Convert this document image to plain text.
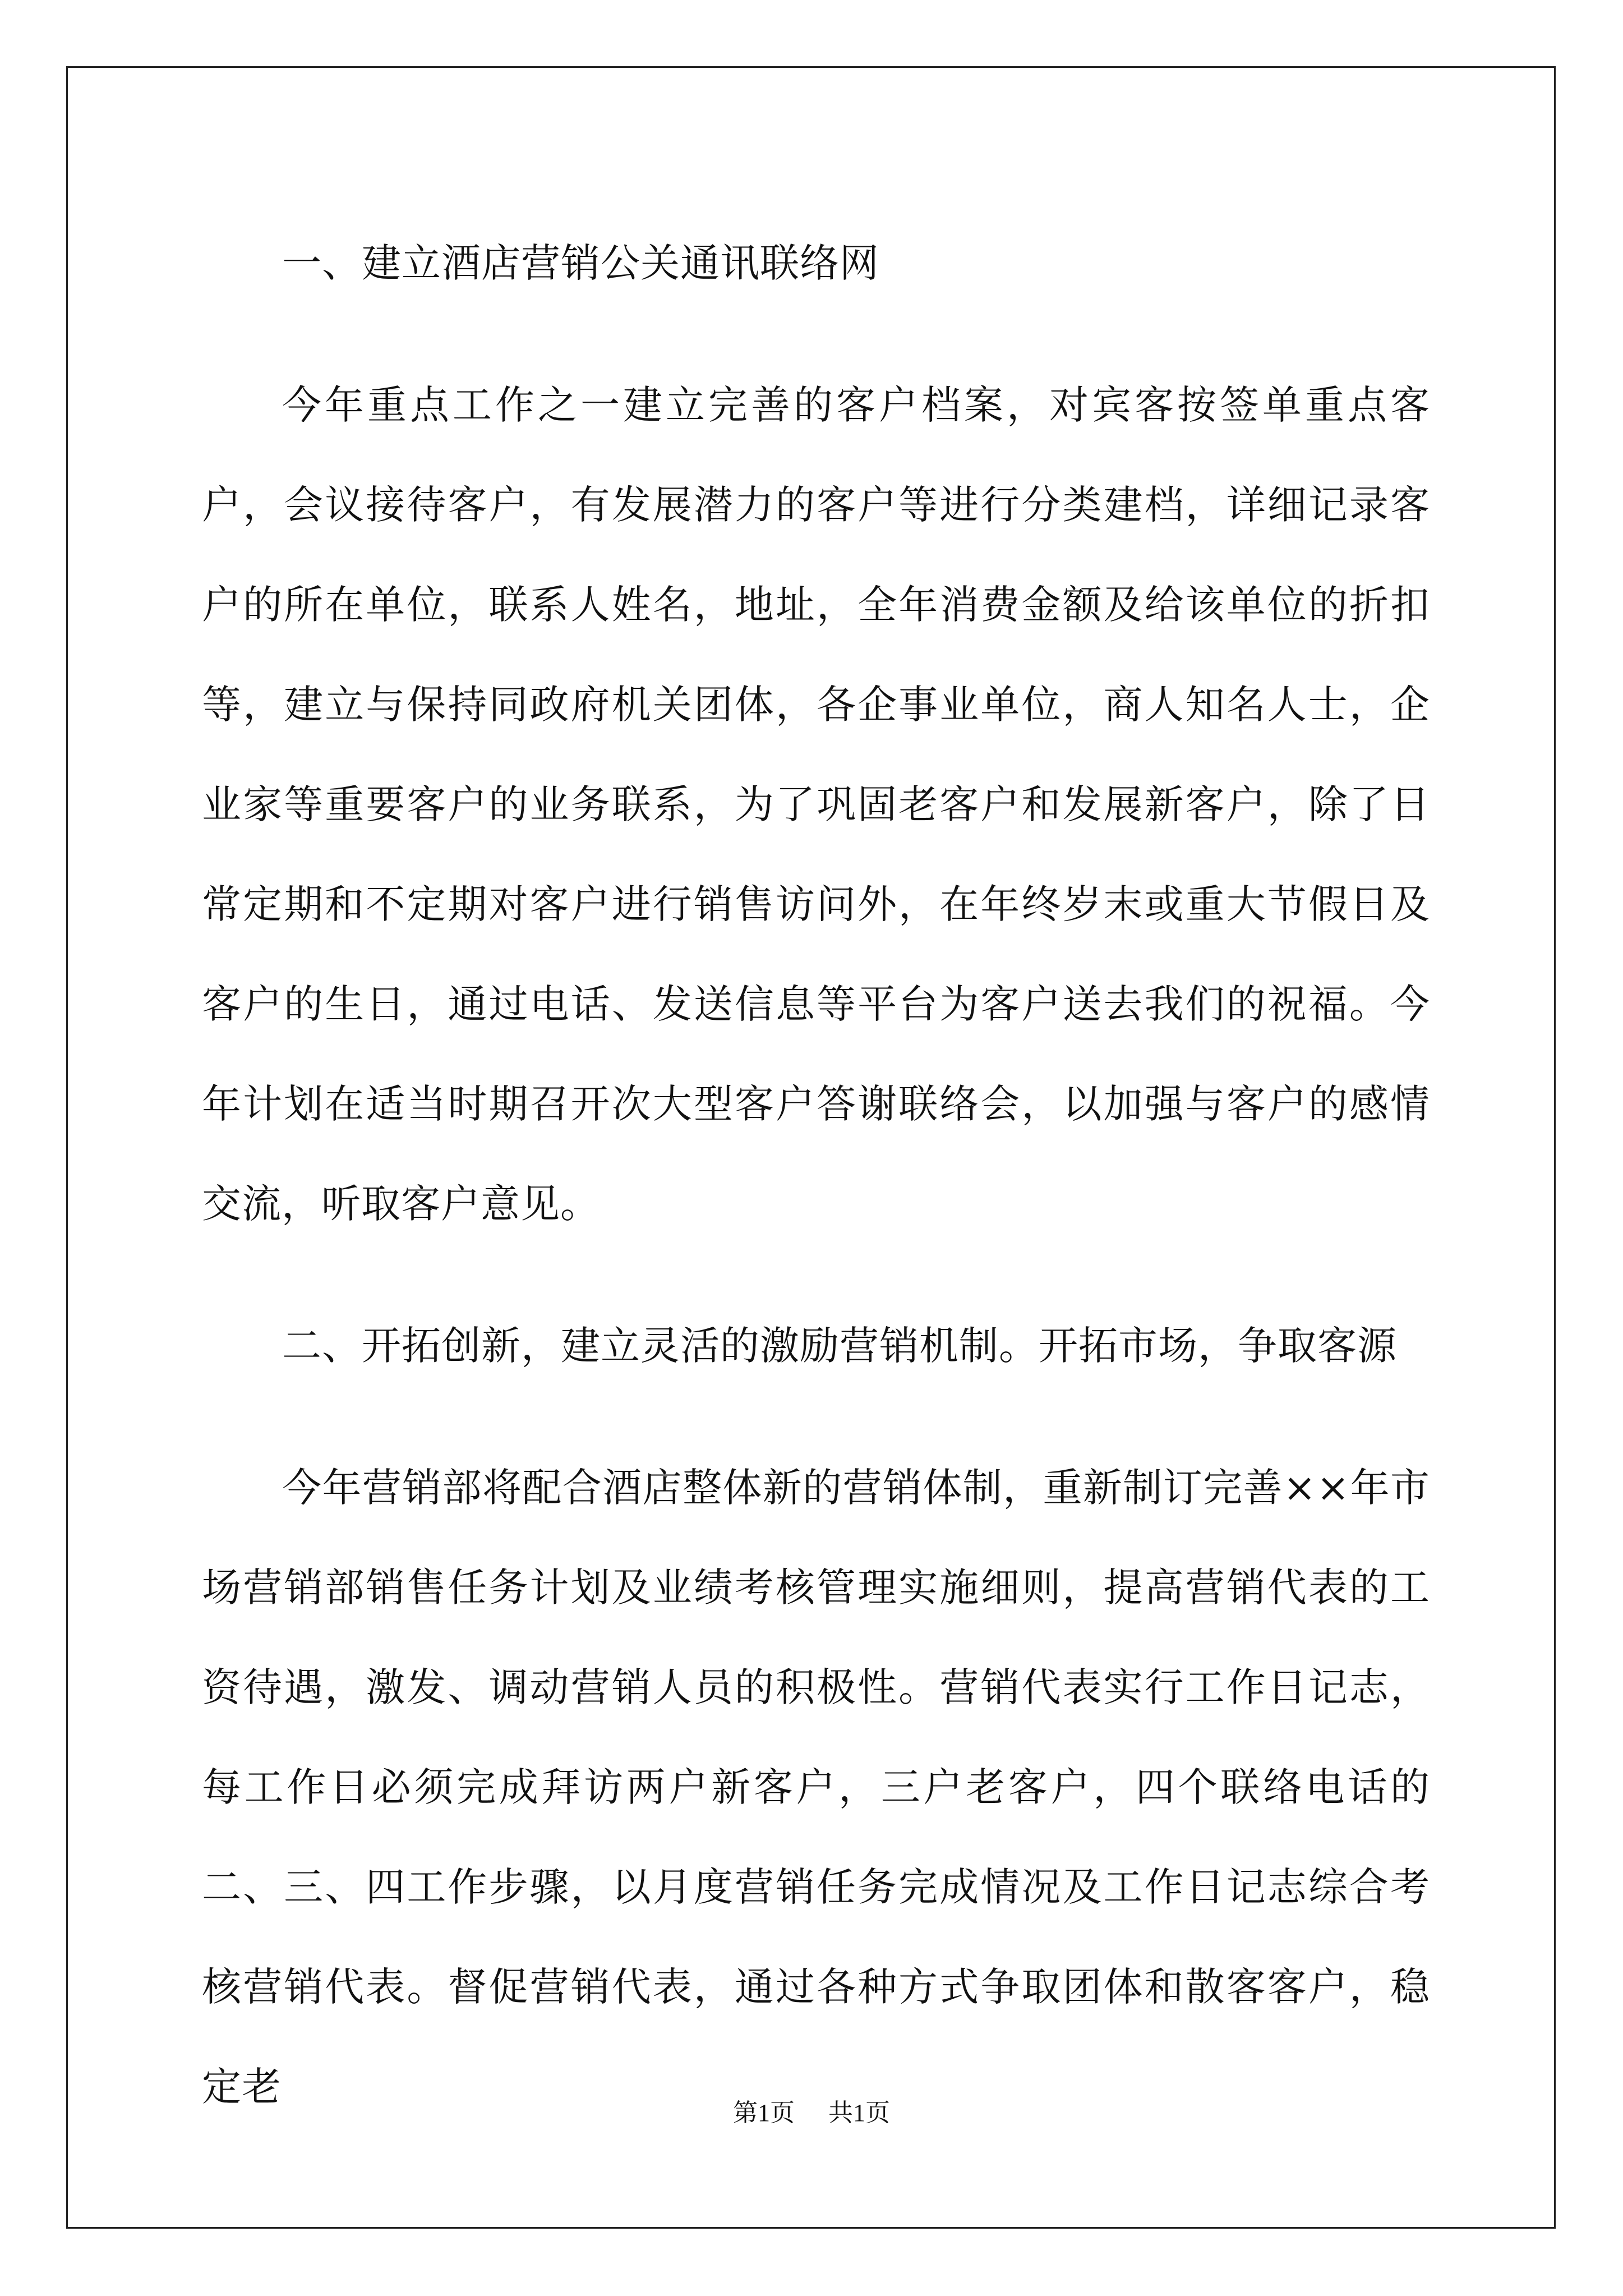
一、建立酒店营销公关通讯联络网

今年重点工作之一建立完善的客户档案，对宾客按签单重点客户，会议接待客户，有发展潜力的客户等进行分类建档，详细记录客户的所在单位，联系人姓名，地址，全年消费金额及给该单位的折扣等，建立与保持同政府机关团体，各企事业单位，商人知名人士，企业家等重要客户的业务联系，为了巩固老客户和发展新客户，除了日常定期和不定期对客户进行销售访问外，在年终岁末或重大节假日及客户的生日，通过电话、发送信息等平台为客户送去我们的祝福。今年计划在适当时期召开次大型客户答谢联络会，以加强与客户的感情交流，听取客户意见。

二、开拓创新，建立灵活的激励营销机制。开拓市场，争取客源

今年营销部将配合酒店整体新的营销体制，重新制订完善××年市场营销部销售任务计划及业绩考核管理实施细则，提高营销代表的工资待遇，激发、调动营销人员的积极性。营销代表实行工作日记志，每工作日必须完成拜访两户新客户，三户老客户，四个联络电话的二、三、四工作步骤，以月度营销任务完成情况及工作日记志综合考核营销代表。督促营销代表，通过各种方式争取团体和散客客户，稳定老

第1页 共1页
